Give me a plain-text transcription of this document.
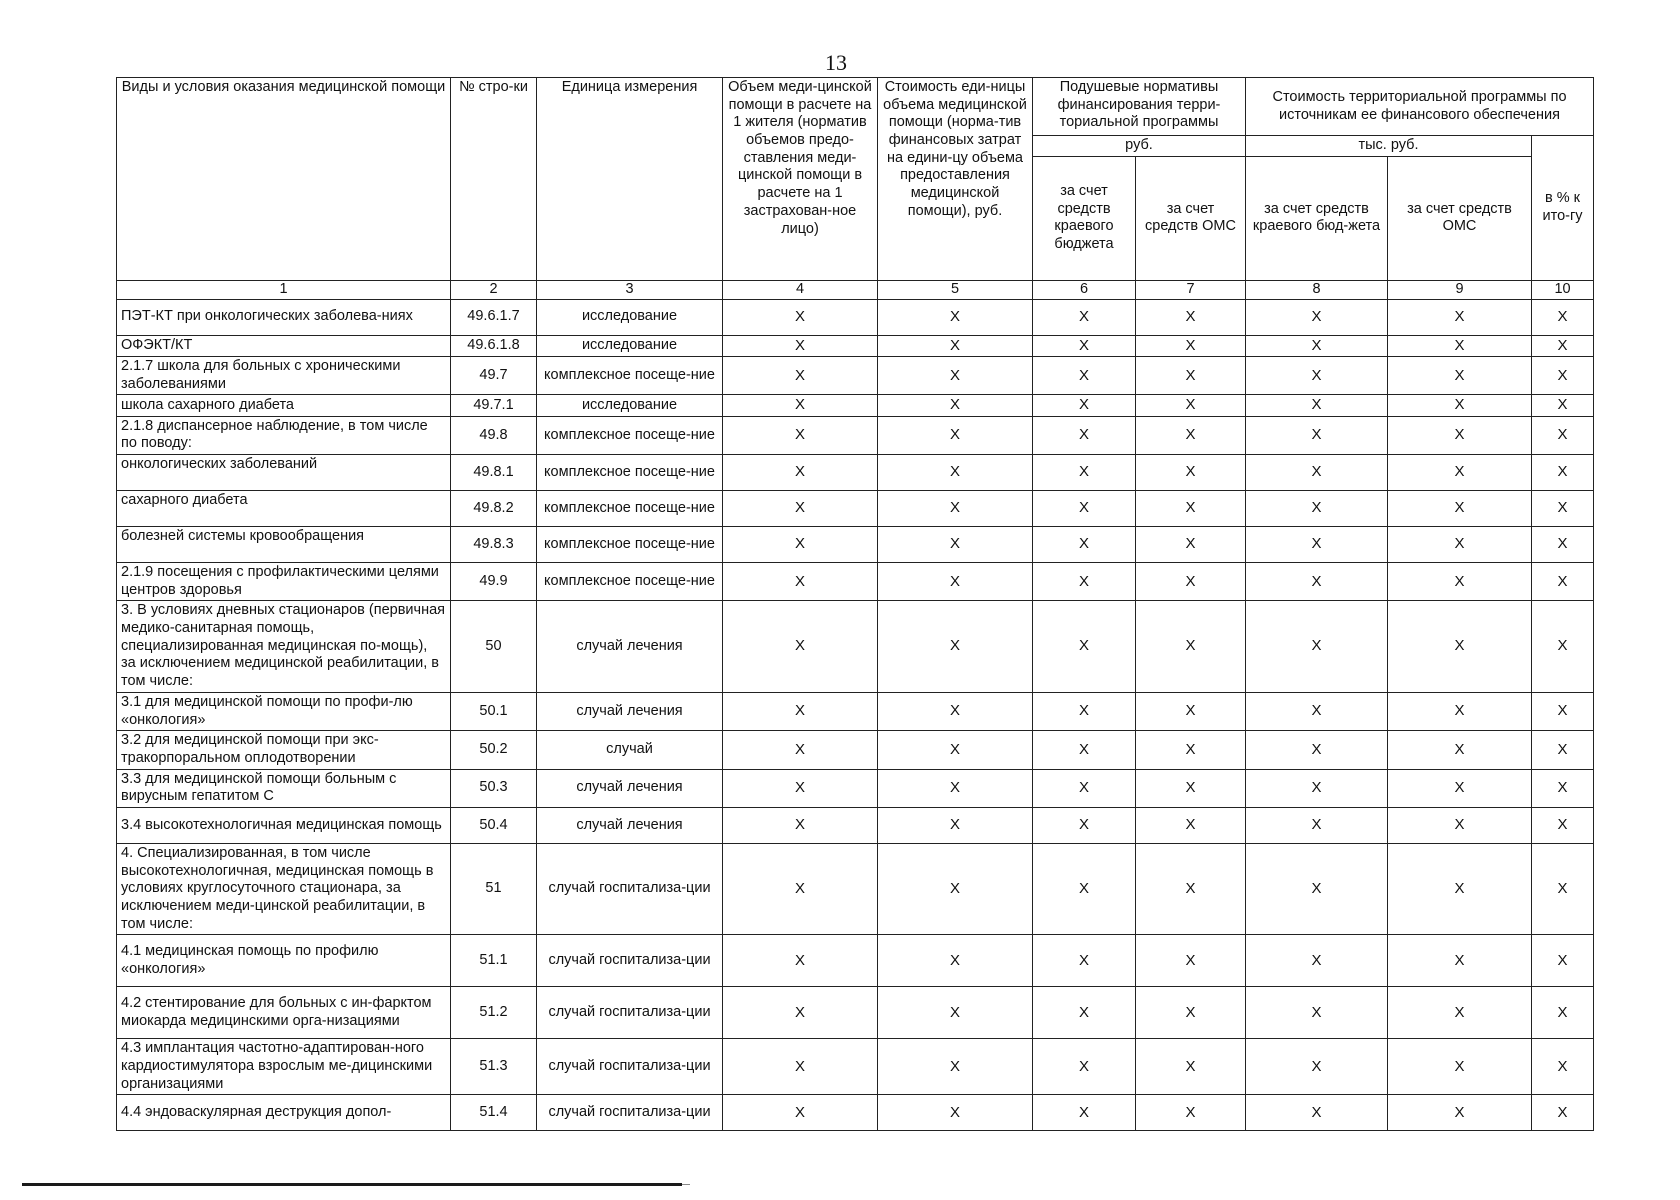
13
Виды и условия оказания медицинской помощи	№ стро-ки	Единица измерения	Объем меди-цинской помощи в расчете на 1 жителя (норматив объемов предо-ставления меди-цинской помощи в расчете на 1 застрахован-ное лицо)	Стоимость еди-ницы объема медицинской помощи (норма-тив финансовых затрат на едини-цу объема предоставления медицинской помощи), руб.	Подушевые нормативы финансирования терри-ториальной программы		Стоимость территориальной программы по источникам ее финансового обеспечения		
					руб.		тыс. руб.		в % к ито-гу
					за счет средств краевого бюджета	за счет средств ОМС	за счет средств краевого бюд-жета	за счет средств ОМС	
1	2	3	4	5	6	7	8	9	10
ПЭТ-КТ при онкологических заболева-ниях	49.6.1.7	исследование	Х	Х	Х	Х	Х	Х	Х
ОФЭКТ/КТ	49.6.1.8	исследование	Х	Х	Х	Х	Х	Х	Х
2.1.7 школа для больных с хроническими заболеваниями	49.7	комплексное посеще-ние	Х	Х	Х	Х	Х	Х	Х
школа сахарного диабета	49.7.1	исследование	Х	Х	Х	Х	Х	Х	Х
2.1.8 диспансерное наблюдение, в том числе по поводу:	49.8	комплексное посеще-ние	Х	Х	Х	Х	Х	Х	Х
онкологических заболеваний	49.8.1	комплексное посеще-ние	Х	Х	Х	Х	Х	Х	Х
сахарного диабета	49.8.2	комплексное посеще-ние	Х	Х	Х	Х	Х	Х	Х
болезней системы кровообращения	49.8.3	комплексное посеще-ние	Х	Х	Х	Х	Х	Х	Х
2.1.9 посещения с профилактическими целями центров здоровья	49.9	комплексное посеще-ние	Х	Х	Х	Х	Х	Х	Х
3. В условиях дневных стационаров (первичная медико-санитарная помощь, специализированная медицинская по-мощь), за исключением медицинской реабилитации, в том числе:	50	случай лечения	Х	Х	Х	Х	Х	Х	Х
3.1 для медицинской помощи по профи-лю «онкология»	50.1	случай лечения	Х	Х	Х	Х	Х	Х	Х
3.2 для медицинской помощи при экс-тракорпоральном оплодотворении	50.2	случай	Х	Х	Х	Х	Х	Х	Х
3.3 для медицинской помощи больным с вирусным гепатитом С	50.3	случай лечения	Х	Х	Х	Х	Х	Х	Х
3.4 высокотехнологичная медицинская помощь	50.4	случай лечения	Х	Х	Х	Х	Х	Х	Х
4. Специализированная, в том числе высокотехнологичная, медицинская помощь в условиях круглосуточного стационара, за исключением меди-цинской реабилитации, в том числе:	51	случай госпитализа-ции	Х	Х	Х	Х	Х	Х	Х
4.1 медицинская помощь по профилю «онкология»	51.1	случай госпитализа-ции	Х	Х	Х	Х	Х	Х	Х
4.2 стентирование для больных с ин-фарктом миокарда медицинскими орга-низациями	51.2	случай госпитализа-ции	Х	Х	Х	Х	Х	Х	Х
4.3 имплантация частотно-адаптирован-ного кардиостимулятора взрослым ме-дицинскими организациями	51.3	случай госпитализа-ции	Х	Х	Х	Х	Х	Х	Х
4.4 эндоваскулярная деструкция допол-	51.4	случай госпитализа-ции	Х	Х	Х	Х	Х	Х	Х
